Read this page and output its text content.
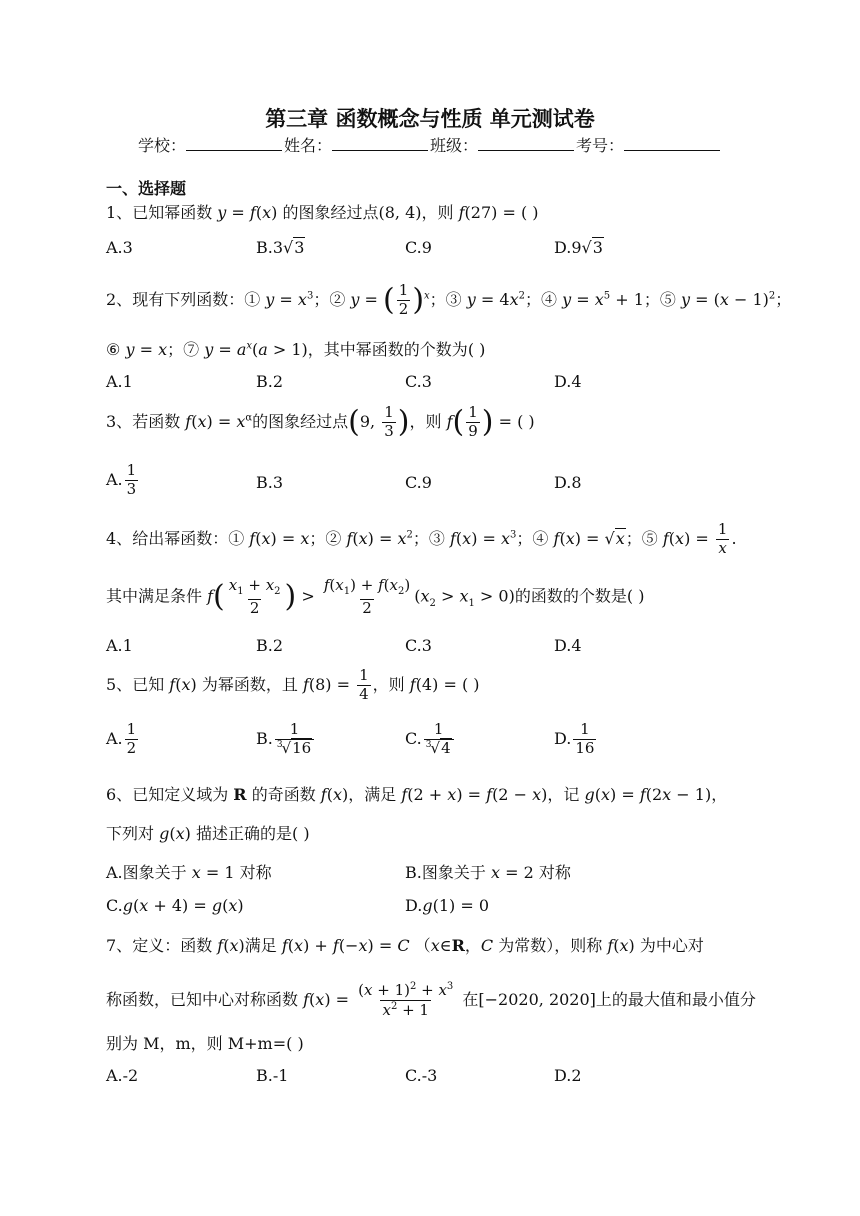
第三章 函数概念与性质 单元测试卷
学校：	姓名：	班级：	考号：
一、选择题
1、已知幂函数 y = f(x) 的图象经过点(8, 4)，则 f(27) = ( )
A.3	B.3√3	C.9	D.9√3
2、现有下列函数：① $y = x^3$；② y = ( $\frac{1}{2} )^x$；③ $y = 4x^2$；④ $y = x^5 + 1$；⑤ $y = (x - 1)^2$；
⑥ y = x；⑦ $y = a^x(a > 1)$，其中幂函数的个数为( )
A.1	B.2	C.3	D.4
3、若函数 $f(x) = x^\alpha$的图象经过点(9, $\frac{1}{3}$ )，则 $f( \frac{1}{9}$ ) = ( )
A. $\frac{1}{3}$	B.3	C.9	D.8
4、给出幂函数：① f(x) = x；② $f(x) = x^2$；③ $f(x) = x^3$；④ f(x) = √x；⑤ $f(x) = \frac{1}{x}$ .
其中满足条件 $f( \frac{x_1 + x_2}{2}$ ) > $\frac{f(x_1) + f(x_2)}{2} (x_2 > x_1 > 0)$的函数的个数是( )
A.1	B.2	C.3	D.4
5、已知 f(x) 为幂函数，且 $f(8) = \frac{1}{4}$ ，则 f(4) = ( )
A. $\frac{1}{2}$	B. $\frac{1}{^3√16}$	C. $\frac{1}{^3√4}$	D. $\frac{1}{16}$
6、已知定义域为 R 的奇函数 f(x)，满足 f(2 + x) = f(2 − x)，记 g(x) = f(2x − 1)，
下列对 g(x) 描述正确的是( )
A.图象关于 x = 1 对称	B.图象关于 x = 2 对称
C.g(x + 4) = g(x)	D.g(1) = 0
7、定义：函数 f(x)满足 f(x) + f(−x) = C （x∈R，C 为常数），则称 f(x) 为中心对
称函数，已知中心对称函数 $f(x) = \frac{(x + 1)^2 + x^3}{x^2 + 1}$ 在[−2020, 2020]上的最大值和最小值分
别为 M，m，则 M+m=( )
A.-2	B.-1	C.-3	D.2
